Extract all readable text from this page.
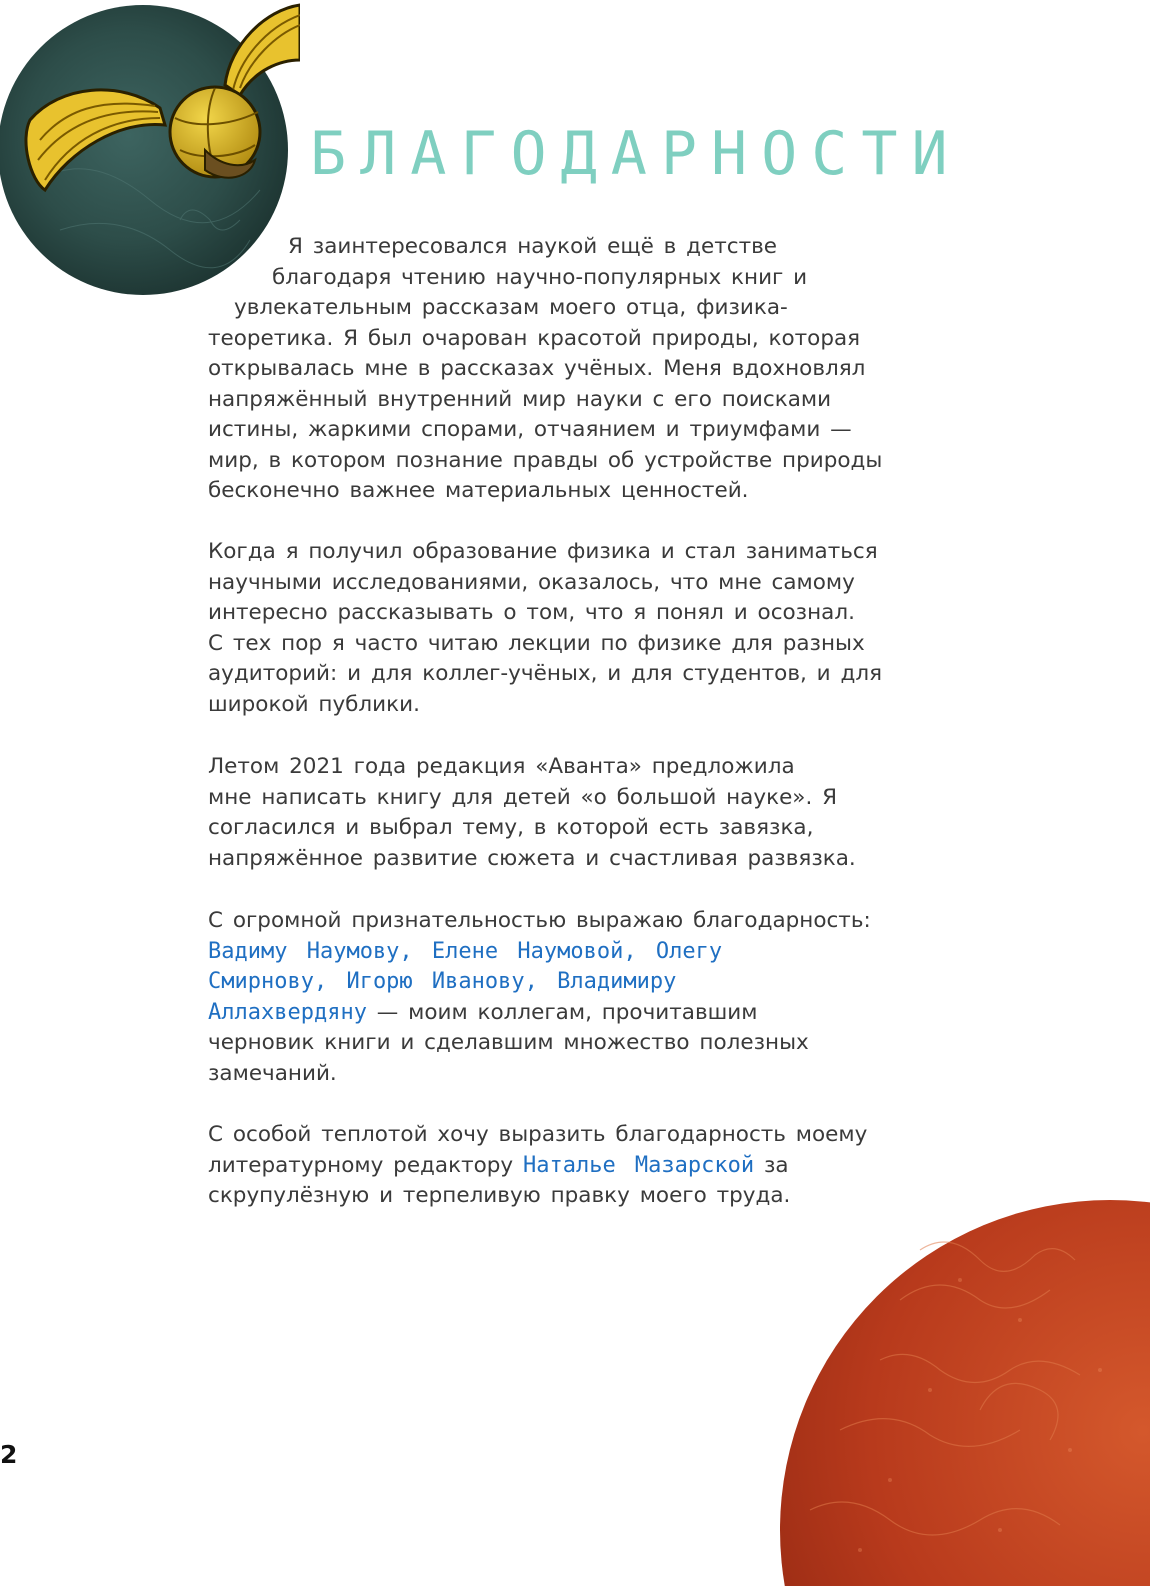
БЛАГОДАРНОСТИ

Я заинтересовался наукой ещё в детстве
благодаря чтению научно-популярных книг и
увлекательным рассказам моего отца, физика-
теоретика. Я был очарован красотой природы, которая
открывалась мне в рассказах учёных. Меня вдохновлял
напряжённый внутренний мир науки с его поисками
истины, жаркими спорами, отчаянием и триумфами —
мир, в котором познание правды об устройстве природы
бесконечно важнее материальных ценностей.

Когда я получил образование физика и стал заниматься
научными исследованиями, оказалось, что мне самому
интересно рассказывать о том, что я понял и осознал.
С тех пор я часто читаю лекции по физике для разных
аудиторий: и для коллег-учёных, и для студентов, и для
широкой публики.

Летом 2021 года редакция «Аванта» предложила
мне написать книгу для детей «о большой науке». Я
согласился и выбрал тему, в которой есть завязка,
напряжённое развитие сюжета и счастливая развязка.

С огромной признательностью выражаю благодарность:
Вадиму Наумову, Елене Наумовой, Олегу
Смирнову, Игорю Иванову, Владимиру
Аллахвердяну — моим коллегам, прочитавшим
черновик книги и сделавшим множество полезных
замечаний.

С особой теплотой хочу выразить благодарность моему
литературному редактору Наталье Мазарской за
скрупулёзную и терпеливую правку моего труда.

2
